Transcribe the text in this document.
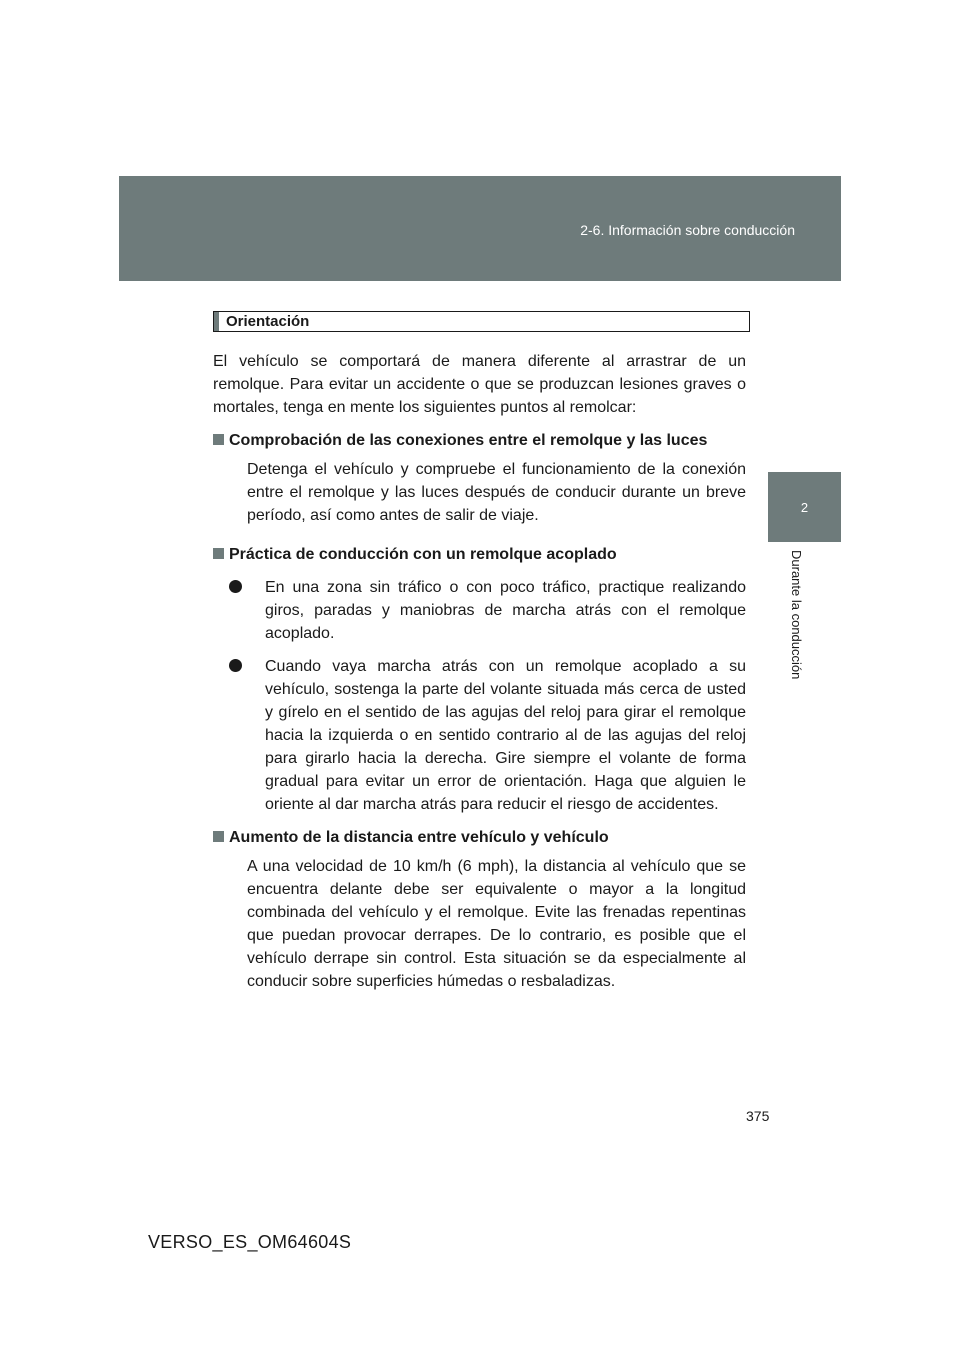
2-6. Información sobre conducción
2
Durante la conducción
Orientación

El vehículo se comportará de manera diferente al arrastrar de un remolque. Para evitar un accidente o que se produzcan lesiones graves o mortales, tenga en mente los siguientes puntos al remolcar:

Comprobación de las conexiones entre el remolque y las luces

Detenga el vehículo y compruebe el funcionamiento de la conexión entre el remolque y las luces después de conducir durante un breve período, así como antes de salir de viaje.

Práctica de conducción con un remolque acoplado
En una zona sin tráfico o con poco tráfico, practique realizando giros, paradas y maniobras de marcha atrás con el remolque acoplado.
Cuando vaya marcha atrás con un remolque acoplado a su vehículo, sostenga la parte del volante situada más cerca de usted y gírelo en el sentido de las agujas del reloj para girar el remolque hacia la izquierda o en sentido contrario al de las agujas del reloj para girarlo hacia la derecha. Gire siempre el volante de forma gradual para evitar un error de orientación. Haga que alguien le oriente al dar marcha atrás para reducir el riesgo de accidentes.
Aumento de la distancia entre vehículo y vehículo

A una velocidad de 10 km/h (6 mph), la distancia al vehículo que se encuentra delante debe ser equivalente o mayor a la longitud combinada del vehículo y el remolque. Evite las frenadas repentinas que puedan provocar derrapes. De lo contrario, es posible que el vehículo derrape sin control. Esta situación se da especialmente al conducir sobre superficies húmedas o resbaladizas.

375
VERSO_ES_OM64604S
